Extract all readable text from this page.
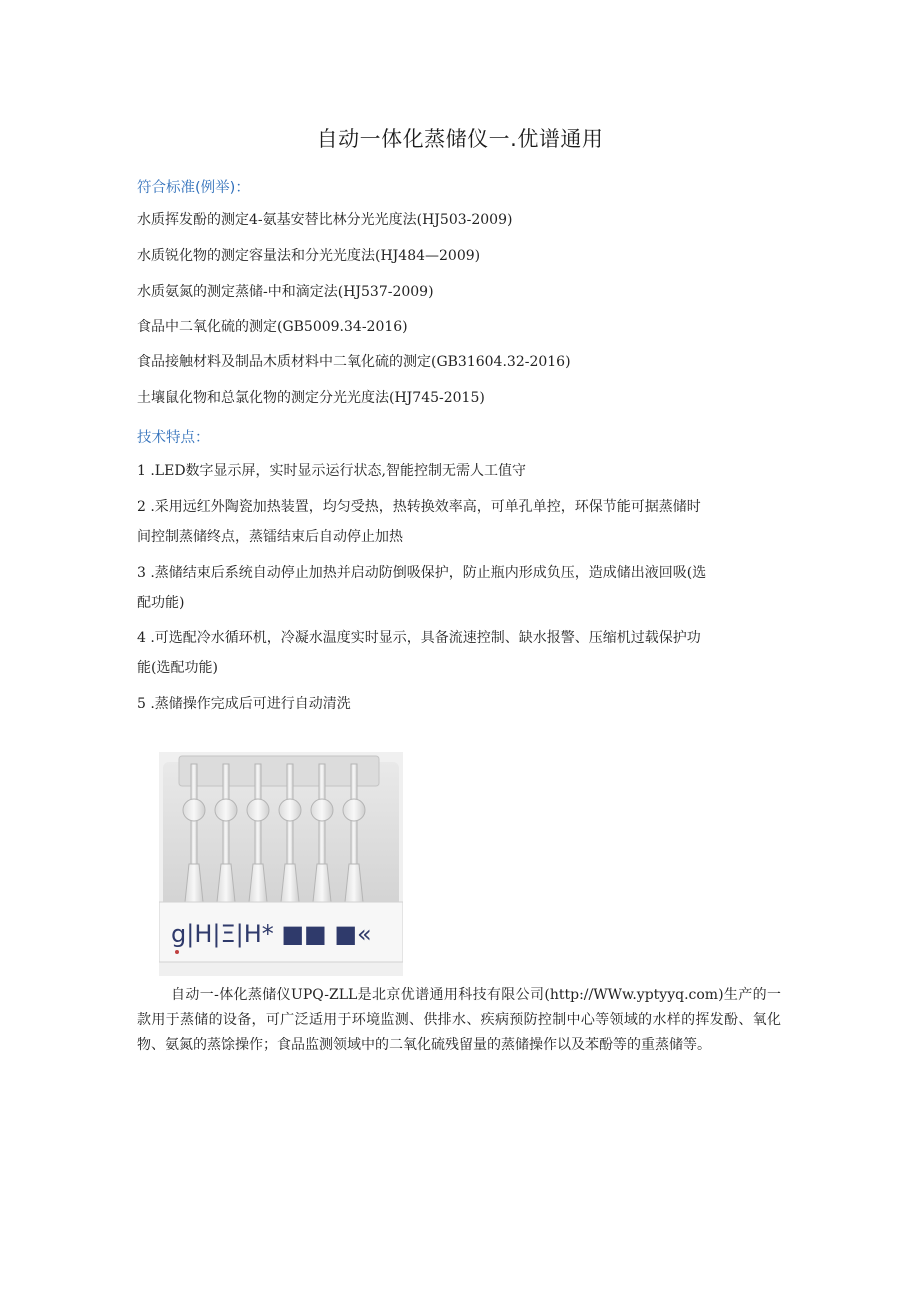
自动一体化蒸储仪一.优谱通用
符合标准(例举)：
水质挥发酚的测定4-氨基安替比林分光光度法(HJ503-2009)
水质锐化物的测定容量法和分光光度法(HJ484—2009)
水质氨氮的测定蒸储-中和滴定法(HJ537-2009)
食品中二氧化硫的测定(GB5009.34-2016)
食品接触材料及制品木质材料中二氧化硫的测定(GB31604.32-2016)
土壤鼠化物和总氯化物的测定分光光度法(HJ745-2015)
技术特点：
1 .LED数字显示屏，实时显示运行状态,智能控制无需人工值守
2 .采用远红外陶瓷加热装置，均匀受热，热转换效率高，可单孔单控，环保节能可据蒸储时
间控制蒸储终点，蒸镭结束后自动停止加热
3 .蒸储结束后系统自动停止加热并启动防倒吸保护，防止瓶内形成负压，造成储出液回吸(选
配功能)
4 .可选配冷水循环机，冷凝水温度实时显示，具备流速控制、缺水报警、压缩机过载保护功
能(选配功能)
5 .蒸储操作完成后可进行自动清洗
g|H|Ξ|H* ■■ ■«
自动一-体化蒸储仪UPQ-ZLL是北京优谱通用科技有限公司(http://WWw.yptyyq.com)生产的一款用于蒸储的设备，可广泛适用于环境监测、供排水、疾病预防控制中心等领域的水样的挥发酚、氧化物、氨氮的蒸馀操作；食品监测领域中的二氧化硫残留量的蒸储操作以及苯酚等的重蒸储等。
